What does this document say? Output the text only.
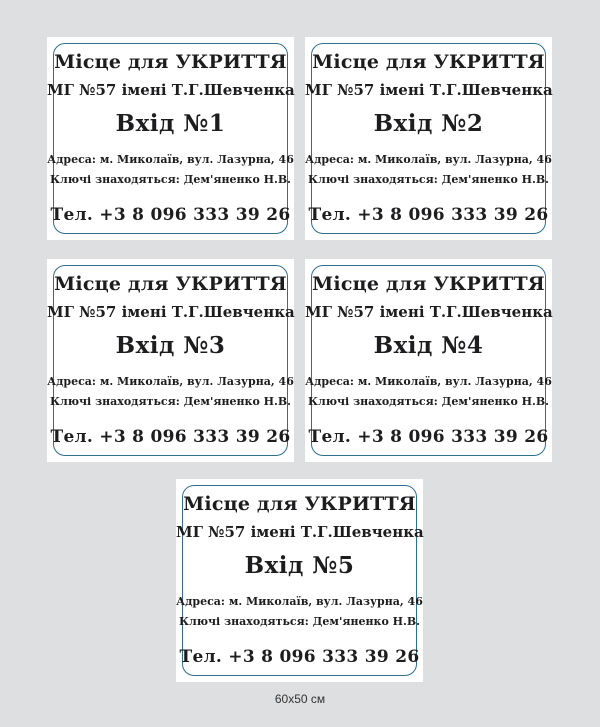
Місце для УКРИТТЯ
МГ №57 імені Т.Г.Шевченка
Вхід №1
Адреса: м. Миколаїв, вул. Лазурна, 46
Ключі знаходяться: Дем'яненко Н.В.
Тел. +3 8 096 333 39 26
Місце для УКРИТТЯ
МГ №57 імені Т.Г.Шевченка
Вхід №2
Адреса: м. Миколаїв, вул. Лазурна, 46
Ключі знаходяться: Дем'яненко Н.В.
Тел. +3 8 096 333 39 26
Місце для УКРИТТЯ
МГ №57 імені Т.Г.Шевченка
Вхід №3
Адреса: м. Миколаїв, вул. Лазурна, 46
Ключі знаходяться: Дем'яненко Н.В.
Тел. +3 8 096 333 39 26
Місце для УКРИТТЯ
МГ №57 імені Т.Г.Шевченка
Вхід №4
Адреса: м. Миколаїв, вул. Лазурна, 46
Ключі знаходяться: Дем'яненко Н.В.
Тел. +3 8 096 333 39 26
Місце для УКРИТТЯ
МГ №57 імені Т.Г.Шевченка
Вхід №5
Адреса: м. Миколаїв, вул. Лазурна, 46
Ключі знаходяться: Дем'яненко Н.В.
Тел. +3 8 096 333 39 26
60x50 см
